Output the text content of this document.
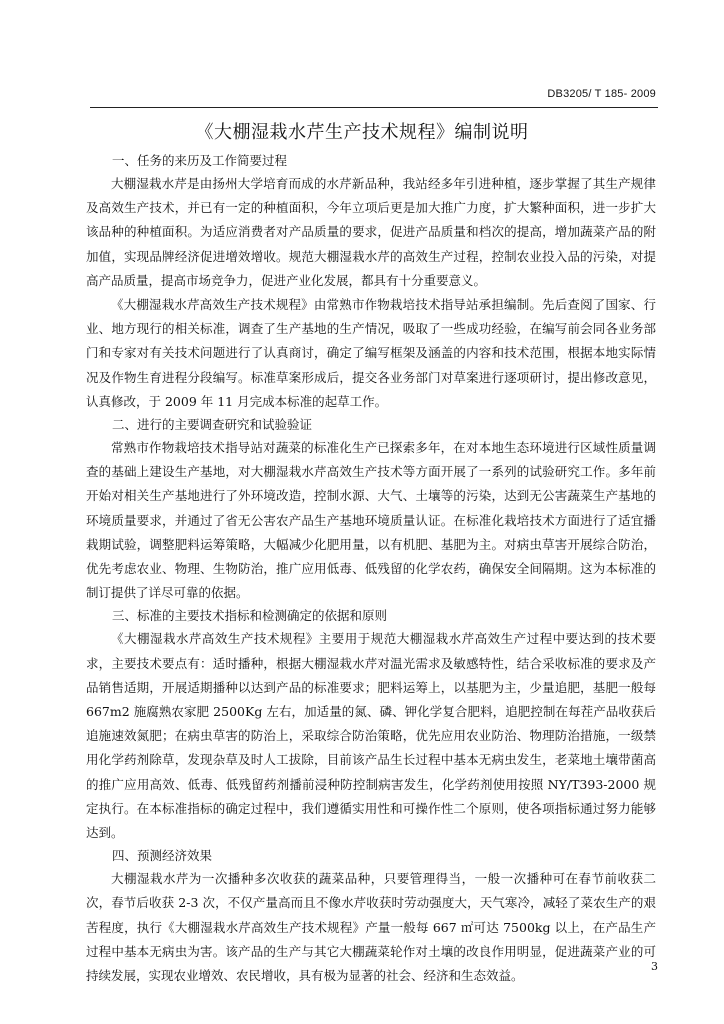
DB3205/ T 185- 2009
《大棚湿栽水芹生产技术规程》编制说明
一、任务的来历及工作简要过程

大棚湿栽水芹是由扬州大学培育而成的水芹新品种，我站经多年引进种植，逐步掌握了其生产规律及高效生产技术，并已有一定的种植面积，今年立项后更是加大推广力度，扩大繁种面积，进一步扩大该品种的种植面积。为适应消费者对产品质量的要求，促进产品质量和档次的提高，增加蔬菜产品的附加值，实现品牌经济促进增效增收。规范大棚湿栽水芹的高效生产过程，控制农业投入品的污染，对提高产品质量，提高市场竞争力，促进产业化发展，都具有十分重要意义。

《大棚湿栽水芹高效生产技术规程》由常熟市作物栽培技术指导站承担编制。先后查阅了国家、行业、地方现行的相关标准，调查了生产基地的生产情况，吸取了一些成功经验，在编写前会同各业务部门和专家对有关技术问题进行了认真商讨，确定了编写框架及涵盖的内容和技术范围，根据本地实际情况及作物生育进程分段编写。标准草案形成后，提交各业务部门对草案进行逐项研讨，提出修改意见，认真修改，于 2009 年 11 月完成本标准的起草工作。

二、进行的主要调查研究和试验验证

常熟市作物栽培技术指导站对蔬菜的标准化生产已探索多年，在对本地生态环境进行区域性质量调查的基础上建设生产基地，对大棚湿栽水芹高效生产技术等方面开展了一系列的试验研究工作。多年前开始对相关生产基地进行了外环境改造，控制水源、大气、土壤等的污染，达到无公害蔬菜生产基地的环境质量要求，并通过了省无公害农产品生产基地环境质量认证。在标准化栽培技术方面进行了适宜播栽期试验，调整肥料运筹策略，大幅减少化肥用量，以有机肥、基肥为主。对病虫草害开展综合防治，优先考虑农业、物理、生物防治，推广应用低毒、低残留的化学农药，确保安全间隔期。这为本标准的制订提供了详尽可靠的依据。

三、标准的主要技术指标和检测确定的依据和原则

《大棚湿栽水芹高效生产技术规程》主要用于规范大棚湿栽水芹高效生产过程中要达到的技术要求，主要技术要点有：适时播种，根据大棚湿栽水芹对温光需求及敏感特性，结合采收标准的要求及产品销售适期，开展适期播种以达到产品的标准要求；肥料运筹上，以基肥为主，少量追肥，基肥一般每667m2 施腐熟农家肥 2500Kg 左右，加适量的氮、磷、钾化学复合肥料，追肥控制在每茬产品收获后追施速效氮肥；在病虫草害的防治上，采取综合防治策略，优先应用农业防治、物理防治措施，一级禁用化学药剂除草，发现杂草及时人工拔除，目前该产品生长过程中基本无病虫发生，老菜地土壤带菌高的推广应用高效、低毒、低残留药剂播前浸种防控制病害发生，化学药剂使用按照 NY/T393-2000 规定执行。在本标准指标的确定过程中，我们遵循实用性和可操作性二个原则，使各项指标通过努力能够达到。

四、预测经济效果

大棚湿栽水芹为一次播种多次收获的蔬菜品种，只要管理得当，一般一次播种可在春节前收获二次，春节后收获 2-3 次，不仅产量高而且不像水芹收获时劳动强度大，天气寒冷，减轻了菜农生产的艰苦程度，执行《大棚湿栽水芹高效生产技术规程》产量一般每 667 ㎡可达 7500kg 以上，在产品生产过程中基本无病虫为害。该产品的生产与其它大棚蔬菜轮作对土壤的改良作用明显，促进蔬菜产业的可持续发展，实现农业增效、农民增收，具有极为显著的社会、经济和生态效益。

3
